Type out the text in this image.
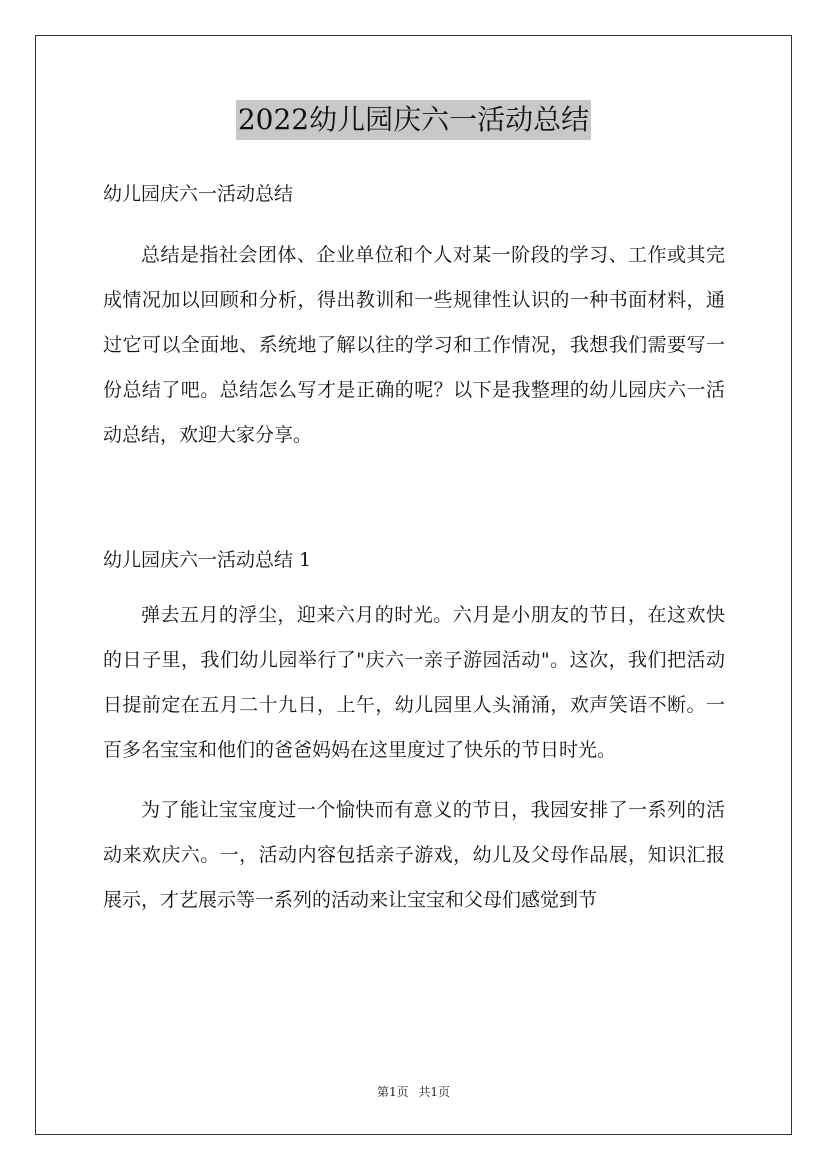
2022幼儿园庆六一活动总结

幼儿园庆六一活动总结

总结是指社会团体、企业单位和个人对某一阶段的学习、工作或其完成情况加以回顾和分析，得出教训和一些规律性认识的一种书面材料，通过它可以全面地、系统地了解以往的学习和工作情况，我想我们需要写一份总结了吧。总结怎么写才是正确的呢？以下是我整理的幼儿园庆六一活动总结，欢迎大家分享。

幼儿园庆六一活动总结 1

弹去五月的浮尘，迎来六月的时光。六月是小朋友的节日，在这欢快的日子里，我们幼儿园举行了"庆六一亲子游园活动"。这次，我们把活动日提前定在五月二十九日，上午，幼儿园里人头涌涌，欢声笑语不断。一百多名宝宝和他们的爸爸妈妈在这里度过了快乐的节日时光。

为了能让宝宝度过一个愉快而有意义的节日，我园安排了一系列的活动来欢庆六。一，活动内容包括亲子游戏，幼儿及父母作品展，知识汇报展示，才艺展示等一系列的活动来让宝宝和父母们感觉到节

第1页 共1页
